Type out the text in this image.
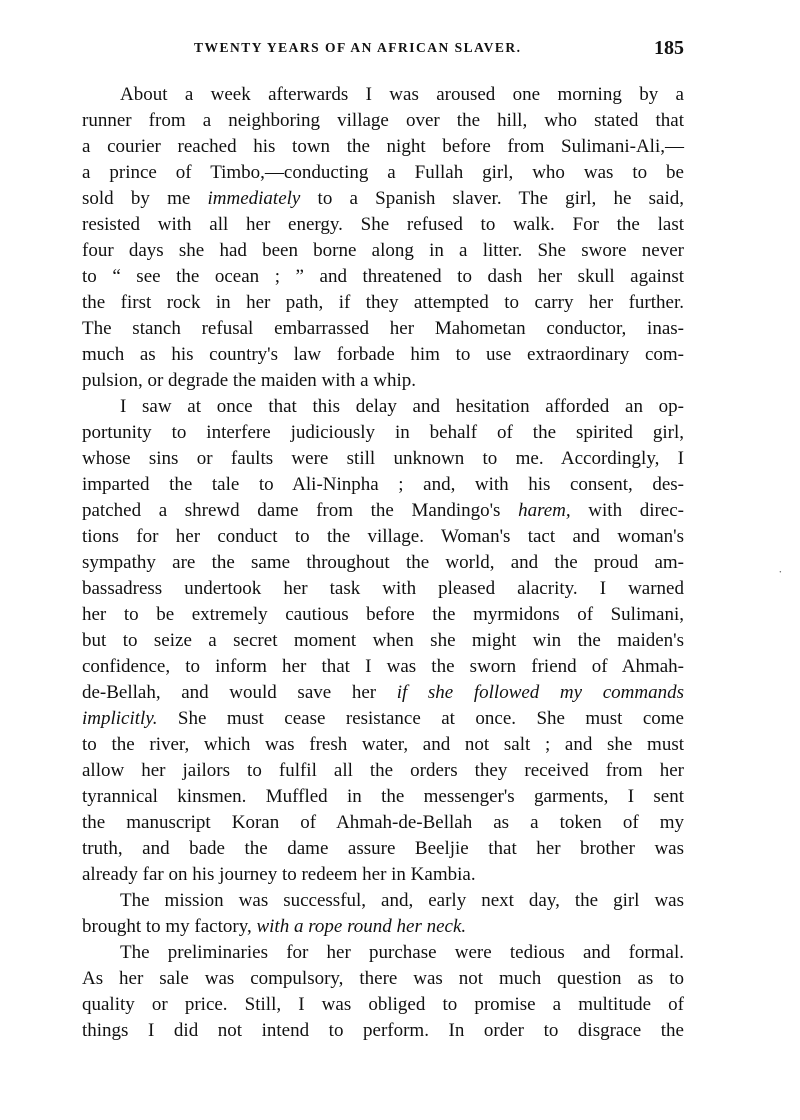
TWENTY YEARS OF AN AFRICAN SLAVER.	185
About a week afterwards I was aroused one morning by a
runner from a neighboring village over the hill, who stated that
a courier reached his town the night before from Sulimani-Ali,—
a prince of Timbo,—conducting a Fullah girl, who was to be
sold by me immediately to a Spanish slaver. The girl, he said,
resisted with all her energy. She refused to walk. For the last
four days she had been borne along in a litter. She swore never
to “ see the ocean ; ” and threatened to dash her skull against
the first rock in her path, if they attempted to carry her further.
The stanch refusal embarrassed her Mahometan conductor, inas-
much as his country's law forbade him to use extraordinary com-
pulsion, or degrade the maiden with a whip.
I saw at once that this delay and hesitation afforded an op-
portunity to interfere judiciously in behalf of the spirited girl,
whose sins or faults were still unknown to me. Accordingly, I
imparted the tale to Ali-Ninpha ; and, with his consent, des-
patched a shrewd dame from the Mandingo's harem, with direc-
tions for her conduct to the village. Woman's tact and woman's
sympathy are the same throughout the world, and the proud am-
bassadress undertook her task with pleased alacrity. I warned
her to be extremely cautious before the myrmidons of Sulimani,
but to seize a secret moment when she might win the maiden's
confidence, to inform her that I was the sworn friend of Ahmah-
de-Bellah, and would save her if she followed my commands
implicitly. She must cease resistance at once. She must come
to the river, which was fresh water, and not salt ; and she must
allow her jailors to fulfil all the orders they received from her
tyrannical kinsmen. Muffled in the messenger's garments, I sent
the manuscript Koran of Ahmah-de-Bellah as a token of my
truth, and bade the dame assure Beeljie that her brother was
already far on his journey to redeem her in Kambia.
The mission was successful, and, early next day, the girl was
brought to my factory, with a rope round her neck.
The preliminaries for her purchase were tedious and formal.
As her sale was compulsory, there was not much question as to
quality or price. Still, I was obliged to promise a multitude of
things I did not intend to perform. In order to disgrace the
˙
